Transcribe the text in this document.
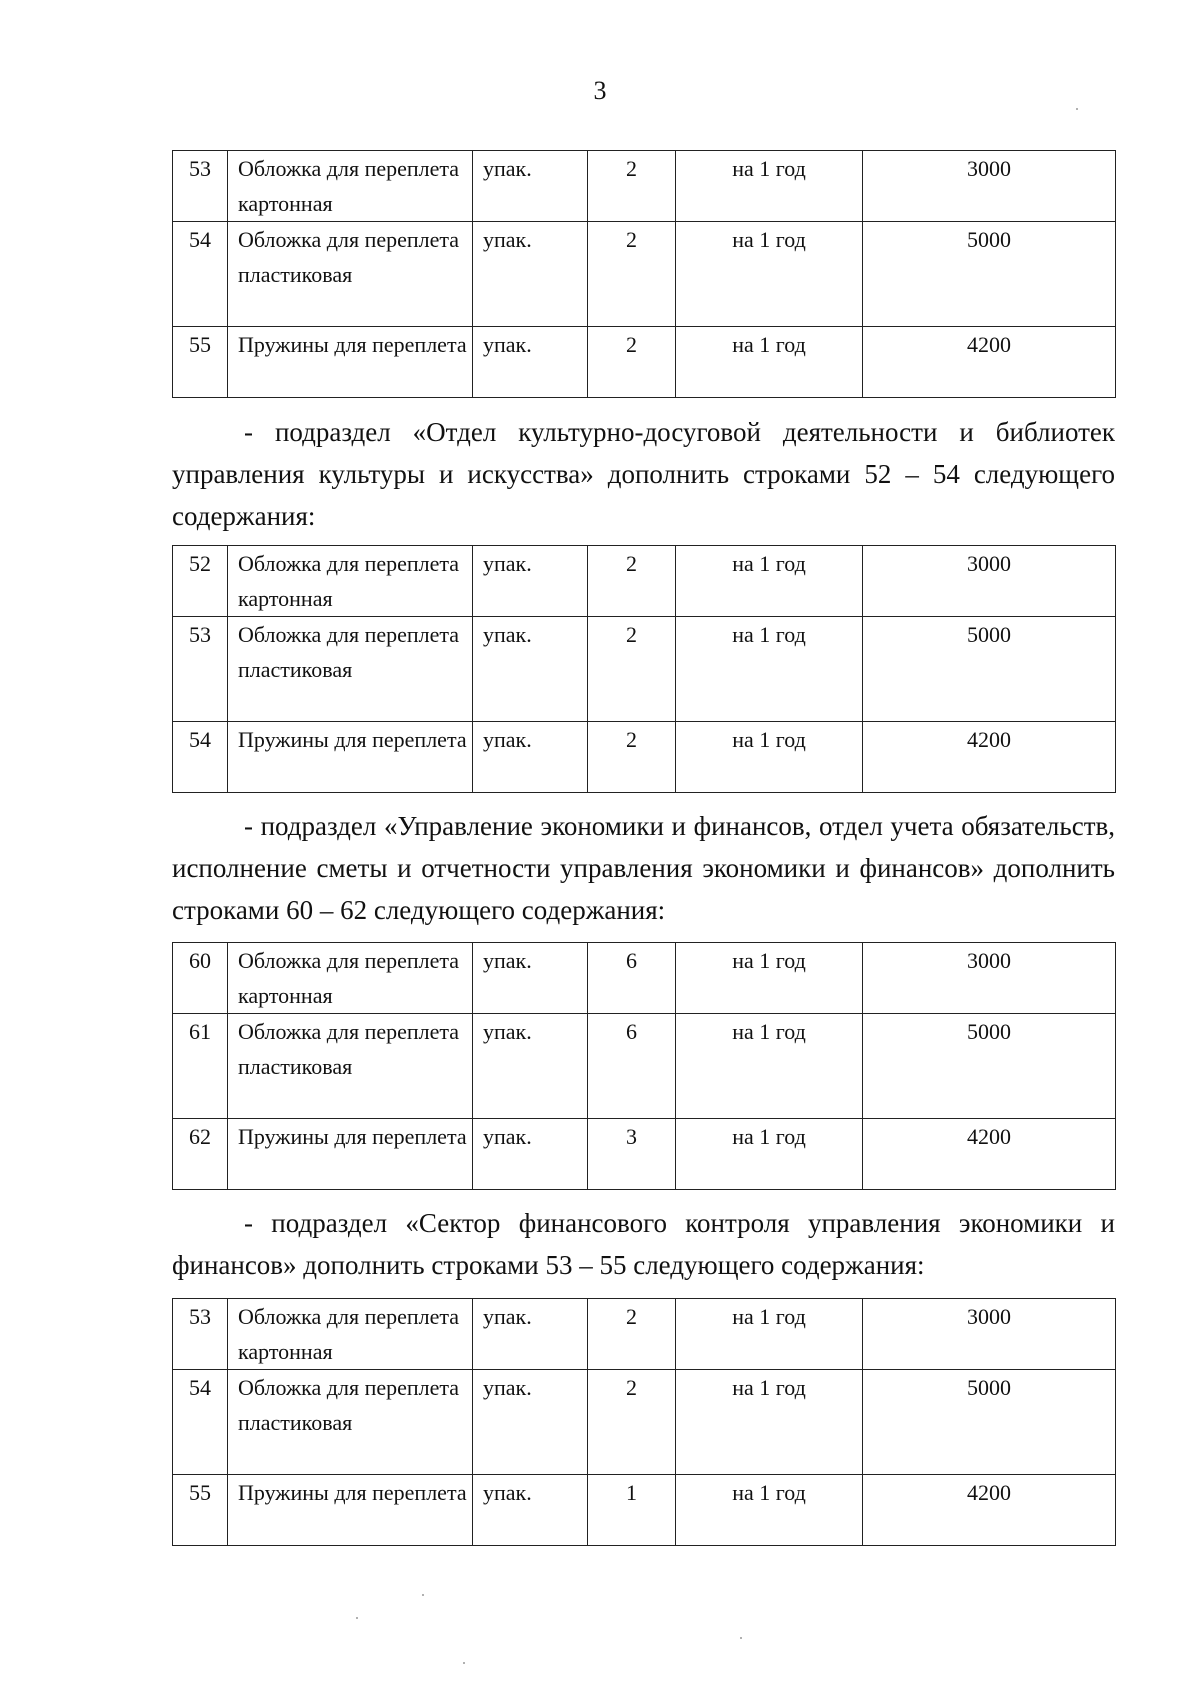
3
53	Обложка для переплета картонная	упак.	2	на 1 год	3000
54	Обложка для переплета пластиковая	упак.	2	на 1 год	5000
55	Пружины для переплета	упак.	2	на 1 год	4200
- подраздел «Отдел культурно-досуговой деятельности и библиотек управления культуры и искусства» дополнить строками 52 – 54 следующего содержания:
52	Обложка для переплета картонная	упак.	2	на 1 год	3000
53	Обложка для переплета пластиковая	упак.	2	на 1 год	5000
54	Пружины для переплета	упак.	2	на 1 год	4200
- подраздел «Управление экономики и финансов, отдел учета обязательств, исполнение сметы и отчетности управления экономики и финансов» дополнить строками 60 – 62 следующего содержания:
60	Обложка для переплета картонная	упак.	6	на 1 год	3000
61	Обложка для переплета пластиковая	упак.	6	на 1 год	5000
62	Пружины для переплета	упак.	3	на 1 год	4200
- подраздел «Сектор финансового контроля управления экономики и финансов» дополнить строками 53 – 55 следующего содержания:
53	Обложка для переплета картонная	упак.	2	на 1 год	3000
54	Обложка для переплета пластиковая	упак.	2	на 1 год	5000
55	Пружины для переплета	упак.	1	на 1 год	4200
